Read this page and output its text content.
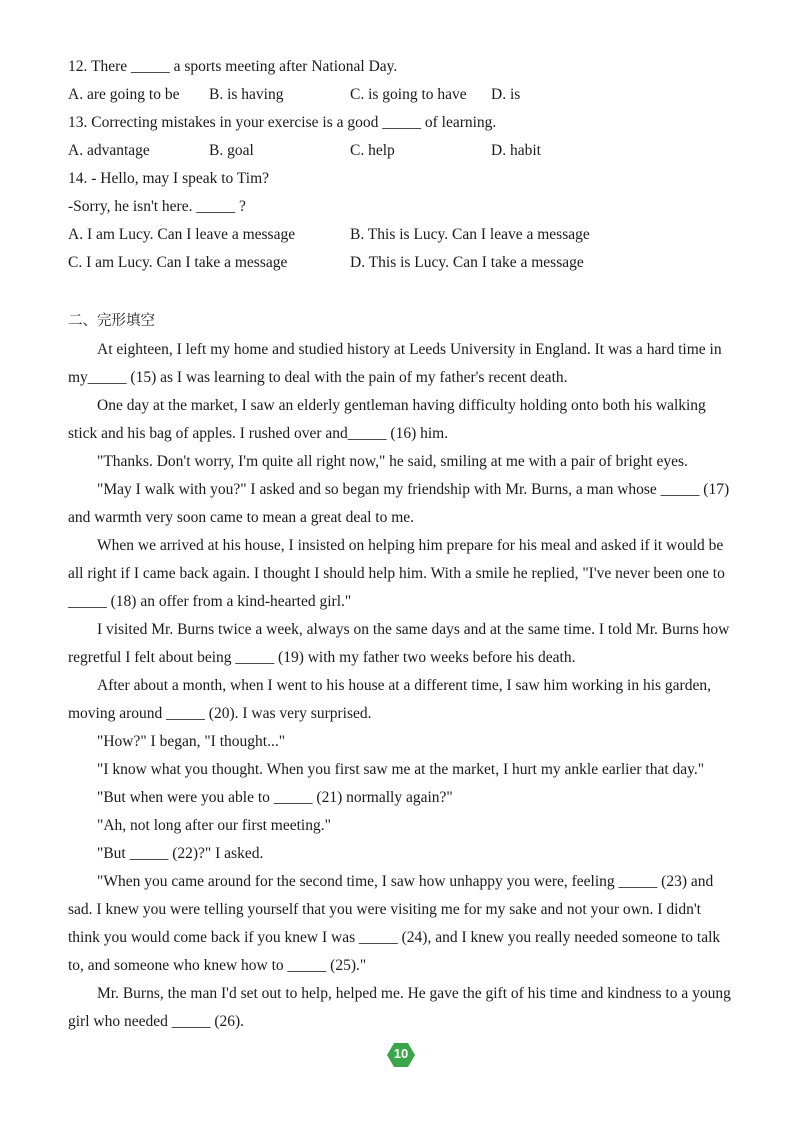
12. There _____ a sports meeting after National Day.
A. are going to be B. is having	C. is going to have D. is
13. Correcting mistakes in your exercise is a good _____ of learning.
A. advantage	B. goal	C. help	D. habit
14. - Hello, may I speak to Tim?
-Sorry, he isn't here. _____ ?
A. I am Lucy. Can I leave a message	B. This is Lucy. Can I leave a message
C. I am Lucy. Can I take a message	D. This is Lucy. Can I take a message
二、完形填空
At eighteen, I left my home and studied history at Leeds University in England. It was a hard time in my_____ (15) as I was learning to deal with the pain of my father's recent death.
One day at the market, I saw an elderly gentleman having difficulty holding onto both his walking stick and his bag of apples. I rushed over and_____ (16) him.
"Thanks. Don't worry, I'm quite all right now," he said, smiling at me with a pair of bright eyes.
"May I walk with you?" I asked and so began my friendship with Mr. Burns, a man whose _____ (17) and warmth very soon came to mean a great deal to me.
When we arrived at his house, I insisted on helping him prepare for his meal and asked if it would be all right if I came back again. I thought I should help him. With a smile he replied, "I've never been one to _____ (18) an offer from a kind-hearted girl."
I visited Mr. Burns twice a week, always on the same days and at the same time. I told Mr. Burns how regretful I felt about being _____ (19) with my father two weeks before his death.
After about a month, when I went to his house at a different time, I saw him working in his garden, moving around _____ (20). I was very surprised.
"How?" I began, "I thought..."
"I know what you thought. When you first saw me at the market, I hurt my ankle earlier that day."
"But when were you able to _____ (21) normally again?"
"Ah, not long after our first meeting."
"But _____ (22)?" I asked.
"When you came around for the second time, I saw how unhappy you were, feeling _____ (23) and sad. I knew you were telling yourself that you were visiting me for my sake and not your own. I didn't think you would come back if you knew I was _____ (24), and I knew you really needed someone to talk to, and someone who knew how to _____ (25)."
Mr. Burns, the man I'd set out to help, helped me. He gave the gift of his time and kindness to a young girl who needed _____ (26).
10
